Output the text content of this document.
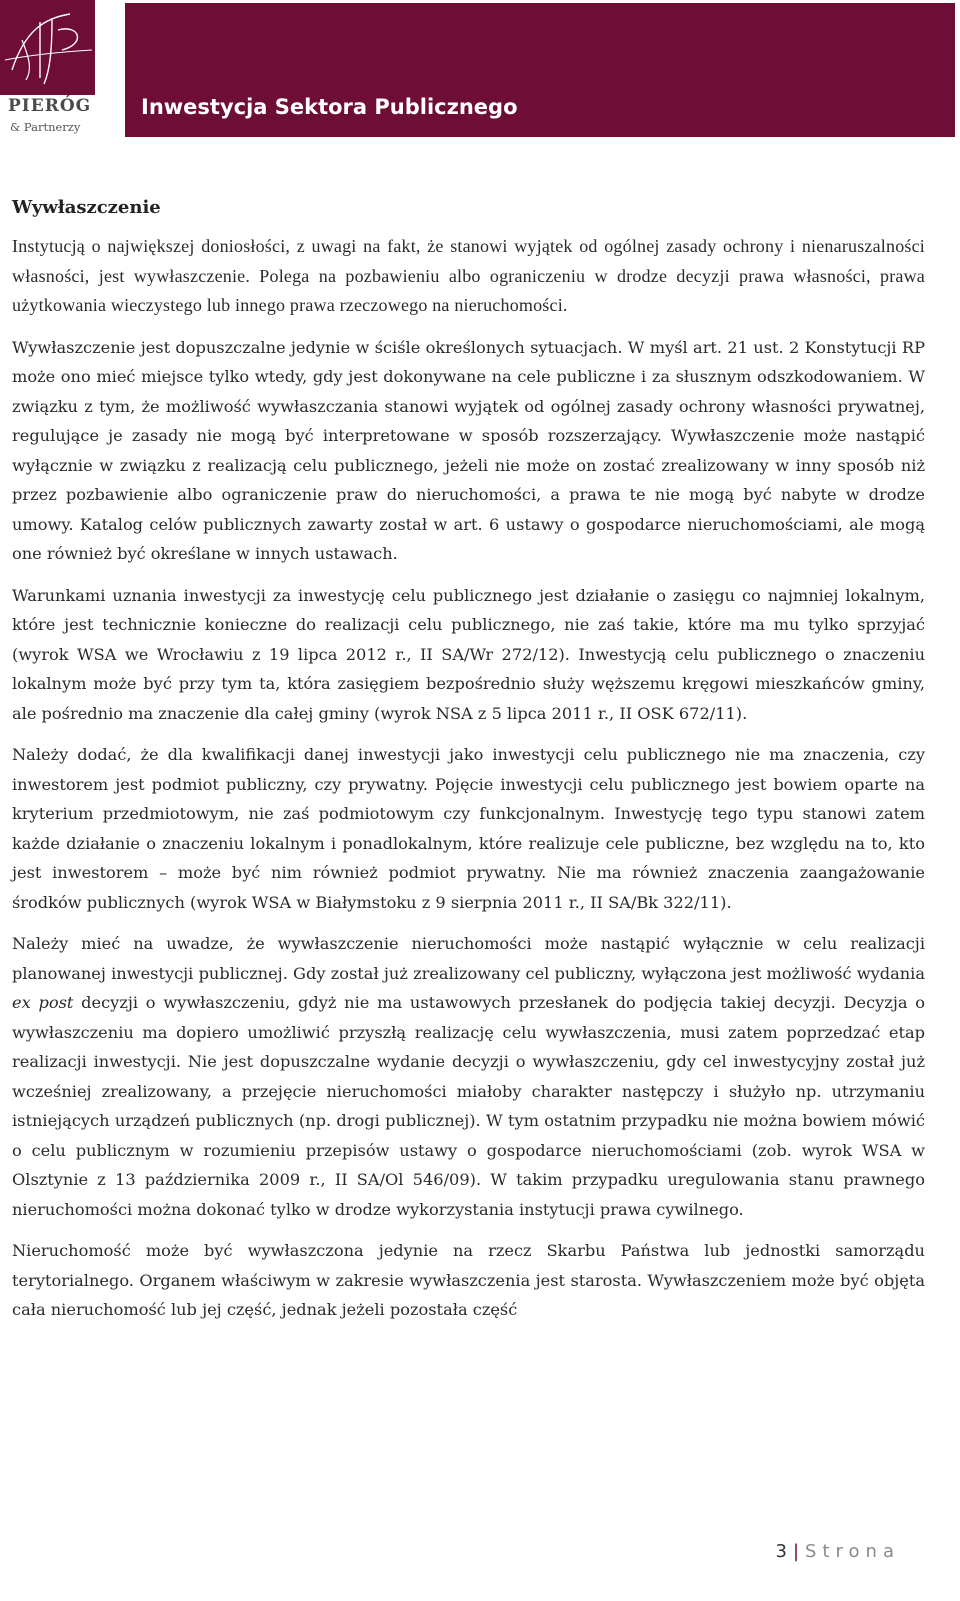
PIERÓG
& Partnerzy
Inwestycja Sektora Publicznego
Wywłaszczenie

Instytucją o największej doniosłości, z uwagi na fakt, że stanowi wyjątek od ogólnej zasady ochrony i nienaruszalności własności, jest wywłaszczenie. Polega na pozbawieniu albo ograniczeniu w drodze decyzji prawa własności, prawa użytkowania wieczystego lub innego prawa rzeczowego na nieruchomości.

Wywłaszczenie jest dopuszczalne jedynie w ściśle określonych sytuacjach. W myśl art. 21 ust. 2 Konstytucji RP może ono mieć miejsce tylko wtedy, gdy jest dokonywane na cele publiczne i za słusznym odszkodowaniem. W związku z tym, że możliwość wywłaszczania stanowi wyjątek od ogólnej zasady ochrony własności prywatnej, regulujące je zasady nie mogą być interpretowane w sposób rozszerzający. Wywłaszczenie może nastąpić wyłącznie w związku z realizacją celu publicznego, jeżeli nie może on zostać zrealizowany w inny sposób niż przez pozbawienie albo ograniczenie praw do nieruchomości, a prawa te nie mogą być nabyte w drodze umowy. Katalog celów publicznych zawarty został w art. 6 ustawy o gospodarce nieruchomościami, ale mogą one również być określane w innych ustawach.

Warunkami uznania inwestycji za inwestycję celu publicznego jest działanie o zasięgu co najmniej lokalnym, które jest technicznie konieczne do realizacji celu publicznego, nie zaś takie, które ma mu tylko sprzyjać (wyrok WSA we Wrocławiu z 19 lipca 2012 r., II SA/Wr 272/12). Inwestycją celu publicznego o znaczeniu lokalnym może być przy tym ta, która zasięgiem bezpośrednio służy węższemu kręgowi mieszkańców gminy, ale pośrednio ma znaczenie dla całej gminy (wyrok NSA z 5 lipca 2011 r., II OSK 672/11).

Należy dodać, że dla kwalifikacji danej inwestycji jako inwestycji celu publicznego nie ma znaczenia, czy inwestorem jest podmiot publiczny, czy prywatny. Pojęcie inwestycji celu publicznego jest bowiem oparte na kryterium przedmiotowym, nie zaś podmiotowym czy funkcjonalnym. Inwestycję tego typu stanowi zatem każde działanie o znaczeniu lokalnym i ponadlokalnym, które realizuje cele publiczne, bez względu na to, kto jest inwestorem – może być nim również podmiot prywatny. Nie ma również znaczenia zaangażowanie środków publicznych (wyrok WSA w Białymstoku z 9 sierpnia 2011 r., II SA/Bk 322/11).

Należy mieć na uwadze, że wywłaszczenie nieruchomości może nastąpić wyłącznie w celu realizacji planowanej inwestycji publicznej. Gdy został już zrealizowany cel publiczny, wyłączona jest możliwość wydania ex post decyzji o wywłaszczeniu, gdyż nie ma ustawowych przesłanek do podjęcia takiej decyzji. Decyzja o wywłaszczeniu ma dopiero umożliwić przyszłą realizację celu wywłaszczenia, musi zatem poprzedzać etap realizacji inwestycji. Nie jest dopuszczalne wydanie decyzji o wywłaszczeniu, gdy cel inwestycyjny został już wcześniej zrealizowany, a przejęcie nieruchomości miałoby charakter następczy i służyło np. utrzymaniu istniejących urządzeń publicznych (np. drogi publicznej). W tym ostatnim przypadku nie można bowiem mówić o celu publicznym w rozumieniu przepisów ustawy o gospodarce nieruchomościami (zob. wyrok WSA w Olsztynie z 13 października 2009 r., II SA/Ol 546/09). W takim przypadku uregulowania stanu prawnego nieruchomości można dokonać tylko w drodze wykorzystania instytucji prawa cywilnego.

Nieruchomość może być wywłaszczona jedynie na rzecz Skarbu Państwa lub jednostki samorządu terytorialnego. Organem właściwym w zakresie wywłaszczenia jest starosta. Wywłaszczeniem może być objęta cała nieruchomość lub jej część, jednak jeżeli pozostała część

3 | Strona
